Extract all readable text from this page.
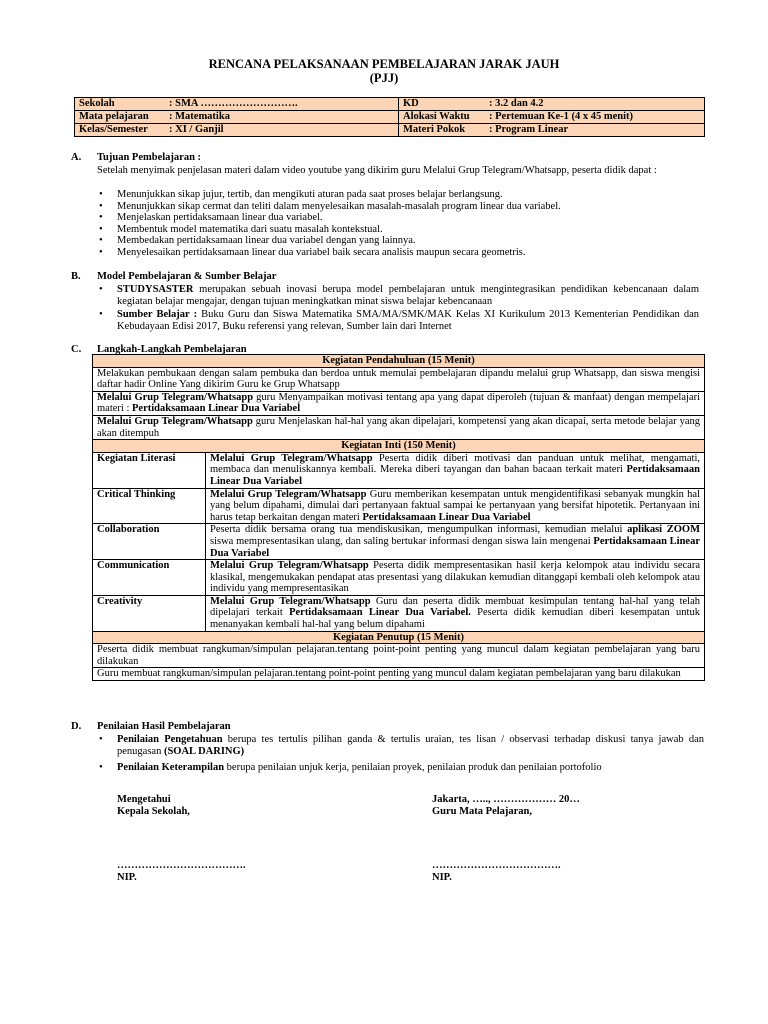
RENCANA PELAKSANAAN PEMBELAJARAN JARAK JAUH
(PJJ)
Sekolah : SMA ……………………….	KD : 3.2 dan 4.2
Mata pelajaran : Matematika	Alokasi Waktu : Pertemuan Ke-1 (4 x 45 menit)
Kelas/Semester : XI / Ganjil	Materi Pokok : Program Linear
A. Tujuan Pembelajaran :
Setelah menyimak penjelasan materi dalam video youtube yang dikirim guru Melalui Grup Telegram/Whatsapp, peserta didik dapat :
• Menunjukkan sikap jujur, tertib, dan mengikuti aturan pada saat proses belajar berlangsung.
• Menunjukkan sikap cermat dan teliti dalam menyelesaikan masalah-masalah program linear dua variabel.
• Menjelaskan pertidaksamaan linear dua variabel.
• Membentuk model matematika dari suatu masalah kontekstual.
• Membedakan pertidaksamaan linear dua variabel dengan yang lainnya.
• Menyelesaikan pertidaksamaan linear dua variabel baik secara analisis maupun secara geometris.
B. Model Pembelajaran & Sumber Belajar
• STUDYSASTER merupakan sebuah inovasi berupa model pembelajaran untuk mengintegrasikan pendidikan kebencanaan dalam kegiatan belajar mengajar, dengan tujuan meningkatkan minat siswa belajar kebencanaan
• Sumber Belajar : Buku Guru dan Siswa Matematika SMA/MA/SMK/MAK Kelas XI Kurikulum 2013 Kementerian Pendidikan dan Kebudayaan Edisi 2017, Buku referensi yang relevan, Sumber lain dari Internet
C. Langkah-Langkah Pembelajaran
Kegiatan Pendahuluan (15 Menit)	
Melakukan pembukaan dengan salam pembuka dan berdoa untuk memulai pembelajaran dipandu melalui grup Whatsapp, dan siswa mengisi daftar hadir Online Yang dikirim Guru ke Grup Whatsapp	
Melalui Grup Telegram/Whatsapp guru Menyampaikan motivasi tentang apa yang dapat diperoleh (tujuan & manfaat) dengan mempelajari materi : Pertidaksamaan Linear Dua Variabel	
Melalui Grup Telegram/Whatsapp guru Menjelaskan hal-hal yang akan dipelajari, kompetensi yang akan dicapai, serta metode belajar yang akan ditempuh	
Kegiatan Inti (150 Menit)	
Kegiatan Literasi	Melalui Grup Telegram/Whatsapp Peserta didik diberi motivasi dan panduan untuk melihat, mengamati, membaca dan menuliskannya kembali. Mereka diberi tayangan dan bahan bacaan terkait materi Pertidaksamaan Linear Dua Variabel
Critical Thinking	Melalui Grup Telegram/Whatsapp Guru memberikan kesempatan untuk mengidentifikasi sebanyak mungkin hal yang belum dipahami, dimulai dari pertanyaan faktual sampai ke pertanyaan yang bersifat hipotetik. Pertanyaan ini harus tetap berkaitan dengan materi Pertidaksamaan Linear Dua Variabel
Collaboration	Peserta didik bersama orang tua mendiskusikan, mengumpulkan informasi, kemudian melalui aplikasi ZOOM siswa mempresentasikan ulang, dan saling bertukar informasi dengan siswa lain mengenai Pertidaksamaan Linear Dua Variabel
Communication	Melalui Grup Telegram/Whatsapp Peserta didik mempresentasikan hasil kerja kelompok atau individu secara klasikal, mengemukakan pendapat atas presentasi yang dilakukan kemudian ditanggapi kembali oleh kelompok atau individu yang mempresentasikan
Creativity	Melalui Grup Telegram/Whatsapp Guru dan peserta didik membuat kesimpulan tentang hal-hal yang telah dipelajari terkait Pertidaksamaan Linear Dua Variabel. Peserta didik kemudian diberi kesempatan untuk menanyakan kembali hal-hal yang belum dipahami
Kegiatan Penutup (15 Menit)	
Peserta didik membuat rangkuman/simpulan pelajaran.tentang point-point penting yang muncul dalam kegiatan pembelajaran yang baru dilakukan	
Guru membuat rangkuman/simpulan pelajaran.tentang point-point penting yang muncul dalam kegiatan pembelajaran yang baru dilakukan	
D. Penilaian Hasil Pembelajaran
• Penilaian Pengetahuan berupa tes tertulis pilihan ganda & tertulis uraian, tes lisan / observasi terhadap diskusi tanya jawab dan penugasan (SOAL DARING)
• Penilaian Keterampilan berupa penilaian unjuk kerja, penilaian proyek, penilaian produk dan penilaian portofolio
Mengetahui
Kepala Sekolah,
……………………………….
NIP.
Jakarta, ….., ……………… 20…
Guru Mata Pelajaran,
……………………………….
NIP.
